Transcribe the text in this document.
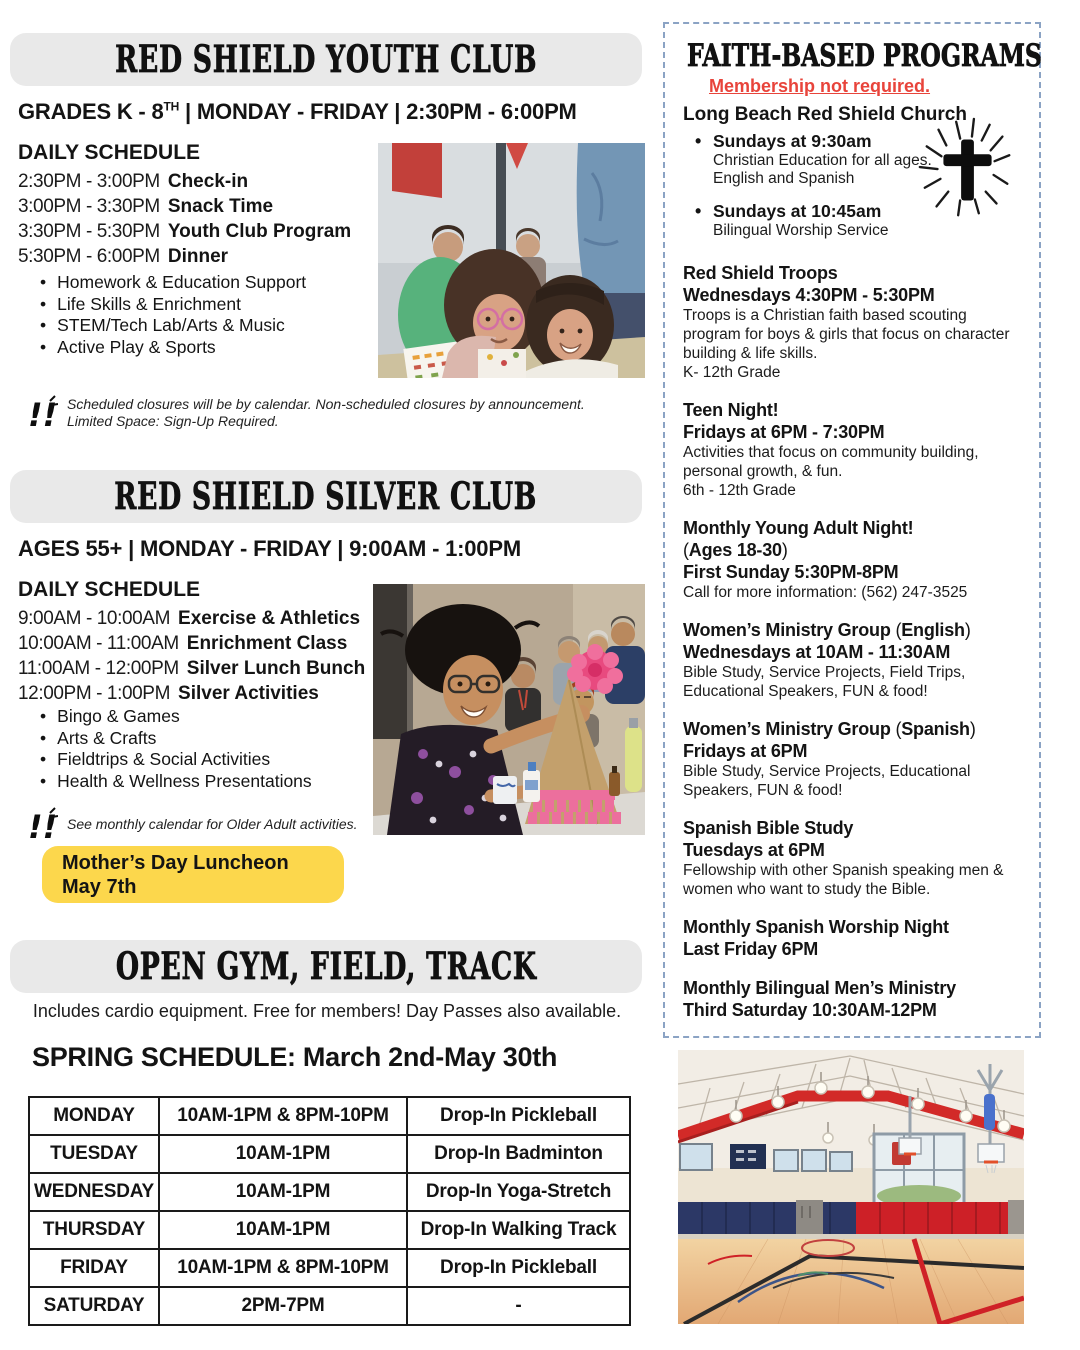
RED SHIELD YOUTH CLUB
GRADES K - 8TH | MONDAY - FRIDAY | 2:30PM - 6:00PM
DAILY SCHEDULE
2:30PM - 3:00PM Check-in
3:00PM - 3:30PM Snack Time
3:30PM - 5:30PM Youth Club Program
5:30PM - 6:00PM Dinner
• Homework & Education Support
• Life Skills & Enrichment
• STEM/Tech Lab/Arts & Music
• Active Play & Sports
!! Scheduled closures will be by calendar. Non-scheduled closures by announcement.
Limited Space: Sign-Up Required.
RED SHIELD SILVER CLUB
AGES 55+ | MONDAY - FRIDAY | 9:00AM - 1:00PM
DAILY SCHEDULE
9:00AM - 10:00AM Exercise & Athletics
10:00AM - 11:00AM Enrichment Class
11:00AM - 12:00PM Silver Lunch Bunch
12:00PM - 1:00PM Silver Activities
• Bingo & Games
• Arts & Crafts
• Fieldtrips & Social Activities
• Health & Wellness Presentations
!! See monthly calendar for Older Adult activities.
Mother’s Day Luncheon
May 7th
OPEN GYM, FIELD, TRACK
Includes cardio equipment. Free for members! Day Passes also available.
SPRING SCHEDULE: March 2nd-May 30th
MONDAY	10AM-1PM & 8PM-10PM	Drop-In Pickleball
TUESDAY	10AM-1PM	Drop-In Badminton
WEDNESDAY	10AM-1PM	Drop-In Yoga-Stretch
THURSDAY	10AM-1PM	Drop-In Walking Track
FRIDAY	10AM-1PM & 8PM-10PM	Drop-In Pickleball
SATURDAY	2PM-7PM	-
FAITH-BASED PROGRAMS
Membership not required.
Long Beach Red Shield Church
• Sundays at 9:30am
Christian Education for all ages.
English and Spanish
• Sundays at 10:45am
Bilingual Worship Service
Red Shield Troops
Wednesdays 4:30PM - 5:30PM
Troops is a Christian faith based scouting program for boys & girls that focus on character building & life skills.
K- 12th Grade
Teen Night!
Fridays at 6PM - 7:30PM
Activities that focus on community building, personal growth, & fun.
6th - 12th Grade
Monthly Young Adult Night!
(Ages 18-30)
First Sunday 5:30PM-8PM
Call for more information: (562) 247-3525
Women’s Ministry Group (English)
Wednesdays at 10AM - 11:30AM
Bible Study, Service Projects, Field Trips, Educational Speakers, FUN & food!
Women’s Ministry Group (Spanish)
Fridays at 6PM
Bible Study, Service Projects, Educational Speakers, FUN & food!
Spanish Bible Study
Tuesdays at 6PM
Fellowship with other Spanish speaking men & women who want to study the Bible.
Monthly Spanish Worship Night
Last Friday 6PM
Monthly Bilingual Men’s Ministry
Third Saturday 10:30AM-12PM
